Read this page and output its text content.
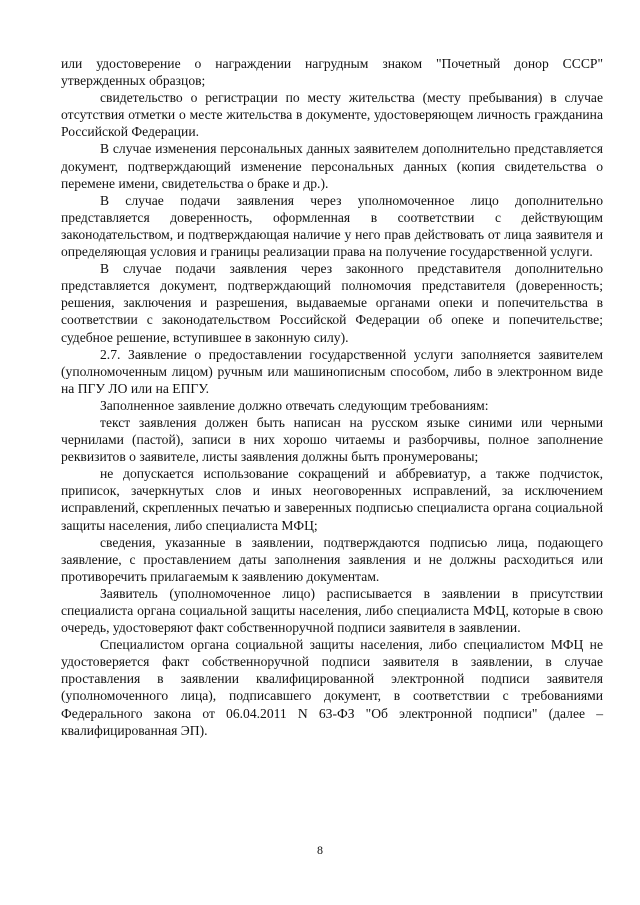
или удостоверение о награждении нагрудным знаком "Почетный донор СССР" утвержденных образцов;

свидетельство о регистрации по месту жительства (месту пребывания) в случае отсутствия отметки о месте жительства в документе, удостоверяющем личность гражданина Российской Федерации.

В случае изменения персональных данных заявителем дополнительно представляется документ, подтверждающий изменение персональных данных (копия свидетельства о перемене имени, свидетельства о браке и др.).

В случае подачи заявления через уполномоченное лицо дополнительно представляется доверенность, оформленная в соответствии с действующим законодательством, и подтверждающая наличие у него прав действовать от лица заявителя и определяющая условия и границы реализации права на получение государственной услуги.

В случае подачи заявления через законного представителя дополнительно представляется документ, подтверждающий полномочия представителя (доверенность; решения, заключения и разрешения, выдаваемые органами опеки и попечительства в соответствии с законодательством Российской Федерации об опеке и попечительстве; судебное решение, вступившее в законную силу).

2.7. Заявление о предоставлении государственной услуги заполняется заявителем (уполномоченным лицом) ручным или машинописным способом, либо в электронном виде на ПГУ ЛО или на ЕПГУ.

Заполненное заявление должно отвечать следующим требованиям:

текст заявления должен быть написан на русском языке синими или черными чернилами (пастой), записи в них хорошо читаемы и разборчивы, полное заполнение реквизитов о заявителе, листы заявления должны быть пронумерованы;

не допускается использование сокращений и аббревиатур, а также подчисток, приписок, зачеркнутых слов и иных неоговоренных исправлений, за исключением исправлений, скрепленных печатью и заверенных подписью специалиста органа социальной защиты населения, либо специалиста МФЦ;

сведения, указанные в заявлении, подтверждаются подписью лица, подающего заявление, с проставлением даты заполнения заявления и не должны расходиться или противоречить прилагаемым к заявлению документам.

Заявитель (уполномоченное лицо) расписывается в заявлении в присутствии специалиста органа социальной защиты населения, либо специалиста МФЦ, которые в свою очередь, удостоверяют факт собственноручной подписи заявителя в заявлении.

Специалистом органа социальной защиты населения, либо специалистом МФЦ не удостоверяется факт собственноручной подписи заявителя в заявлении, в случае проставления в заявлении квалифицированной электронной подписи заявителя (уполномоченного лица), подписавшего документ, в соответствии с требованиями Федерального закона от 06.04.2011 N 63-ФЗ "Об электронной подписи" (далее – квалифицированная ЭП).

8
